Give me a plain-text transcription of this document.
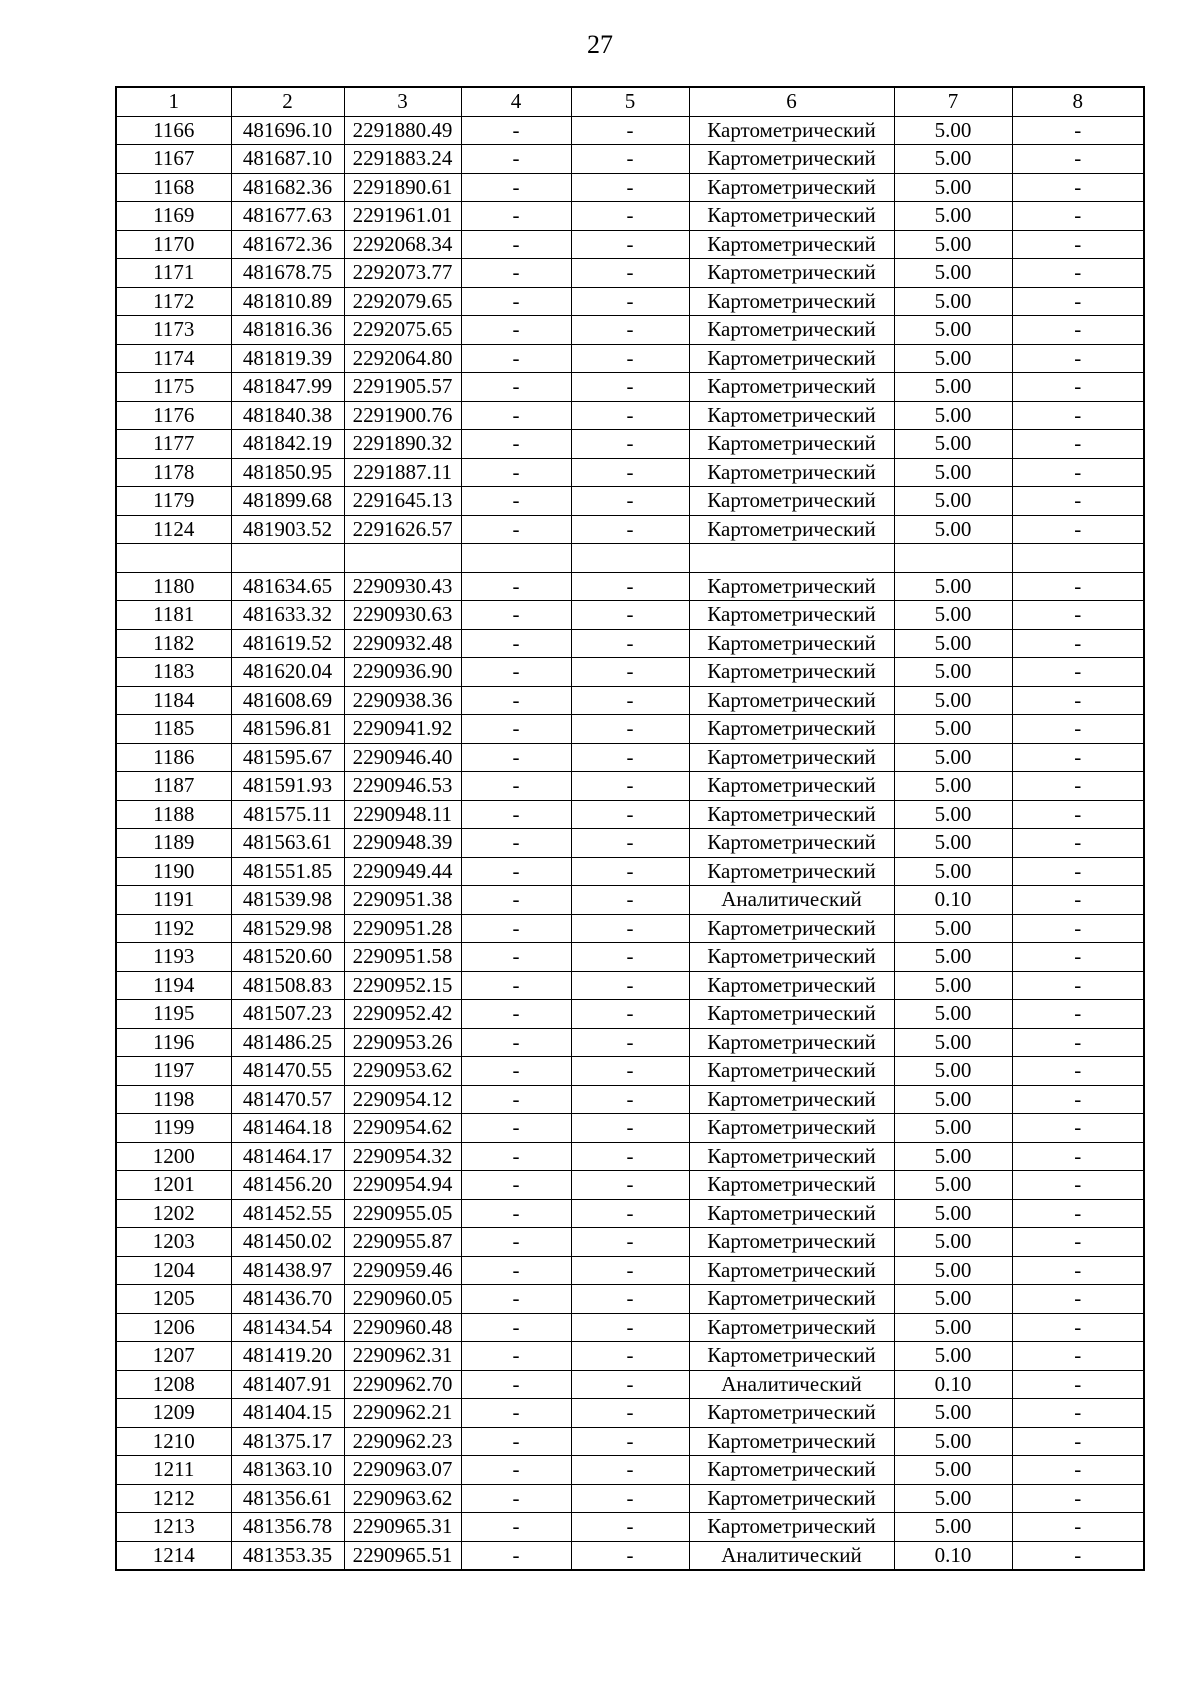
27
1	2	3	4	5	6	7	8
1166	481696.10	2291880.49	-	-	Картометрический	5.00	-
1167	481687.10	2291883.24	-	-	Картометрический	5.00	-
1168	481682.36	2291890.61	-	-	Картометрический	5.00	-
1169	481677.63	2291961.01	-	-	Картометрический	5.00	-
1170	481672.36	2292068.34	-	-	Картометрический	5.00	-
1171	481678.75	2292073.77	-	-	Картометрический	5.00	-
1172	481810.89	2292079.65	-	-	Картометрический	5.00	-
1173	481816.36	2292075.65	-	-	Картометрический	5.00	-
1174	481819.39	2292064.80	-	-	Картометрический	5.00	-
1175	481847.99	2291905.57	-	-	Картометрический	5.00	-
1176	481840.38	2291900.76	-	-	Картометрический	5.00	-
1177	481842.19	2291890.32	-	-	Картометрический	5.00	-
1178	481850.95	2291887.11	-	-	Картометрический	5.00	-
1179	481899.68	2291645.13	-	-	Картометрический	5.00	-
1124	481903.52	2291626.57	-	-	Картометрический	5.00	-

1180	481634.65	2290930.43	-	-	Картометрический	5.00	-
1181	481633.32	2290930.63	-	-	Картометрический	5.00	-
1182	481619.52	2290932.48	-	-	Картометрический	5.00	-
1183	481620.04	2290936.90	-	-	Картометрический	5.00	-
1184	481608.69	2290938.36	-	-	Картометрический	5.00	-
1185	481596.81	2290941.92	-	-	Картометрический	5.00	-
1186	481595.67	2290946.40	-	-	Картометрический	5.00	-
1187	481591.93	2290946.53	-	-	Картометрический	5.00	-
1188	481575.11	2290948.11	-	-	Картометрический	5.00	-
1189	481563.61	2290948.39	-	-	Картометрический	5.00	-
1190	481551.85	2290949.44	-	-	Картометрический	5.00	-
1191	481539.98	2290951.38	-	-	Аналитический	0.10	-
1192	481529.98	2290951.28	-	-	Картометрический	5.00	-
1193	481520.60	2290951.58	-	-	Картометрический	5.00	-
1194	481508.83	2290952.15	-	-	Картометрический	5.00	-
1195	481507.23	2290952.42	-	-	Картометрический	5.00	-
1196	481486.25	2290953.26	-	-	Картометрический	5.00	-
1197	481470.55	2290953.62	-	-	Картометрический	5.00	-
1198	481470.57	2290954.12	-	-	Картометрический	5.00	-
1199	481464.18	2290954.62	-	-	Картометрический	5.00	-
1200	481464.17	2290954.32	-	-	Картометрический	5.00	-
1201	481456.20	2290954.94	-	-	Картометрический	5.00	-
1202	481452.55	2290955.05	-	-	Картометрический	5.00	-
1203	481450.02	2290955.87	-	-	Картометрический	5.00	-
1204	481438.97	2290959.46	-	-	Картометрический	5.00	-
1205	481436.70	2290960.05	-	-	Картометрический	5.00	-
1206	481434.54	2290960.48	-	-	Картометрический	5.00	-
1207	481419.20	2290962.31	-	-	Картометрический	5.00	-
1208	481407.91	2290962.70	-	-	Аналитический	0.10	-
1209	481404.15	2290962.21	-	-	Картометрический	5.00	-
1210	481375.17	2290962.23	-	-	Картометрический	5.00	-
1211	481363.10	2290963.07	-	-	Картометрический	5.00	-
1212	481356.61	2290963.62	-	-	Картометрический	5.00	-
1213	481356.78	2290965.31	-	-	Картометрический	5.00	-
1214	481353.35	2290965.51	-	-	Аналитический	0.10	-
